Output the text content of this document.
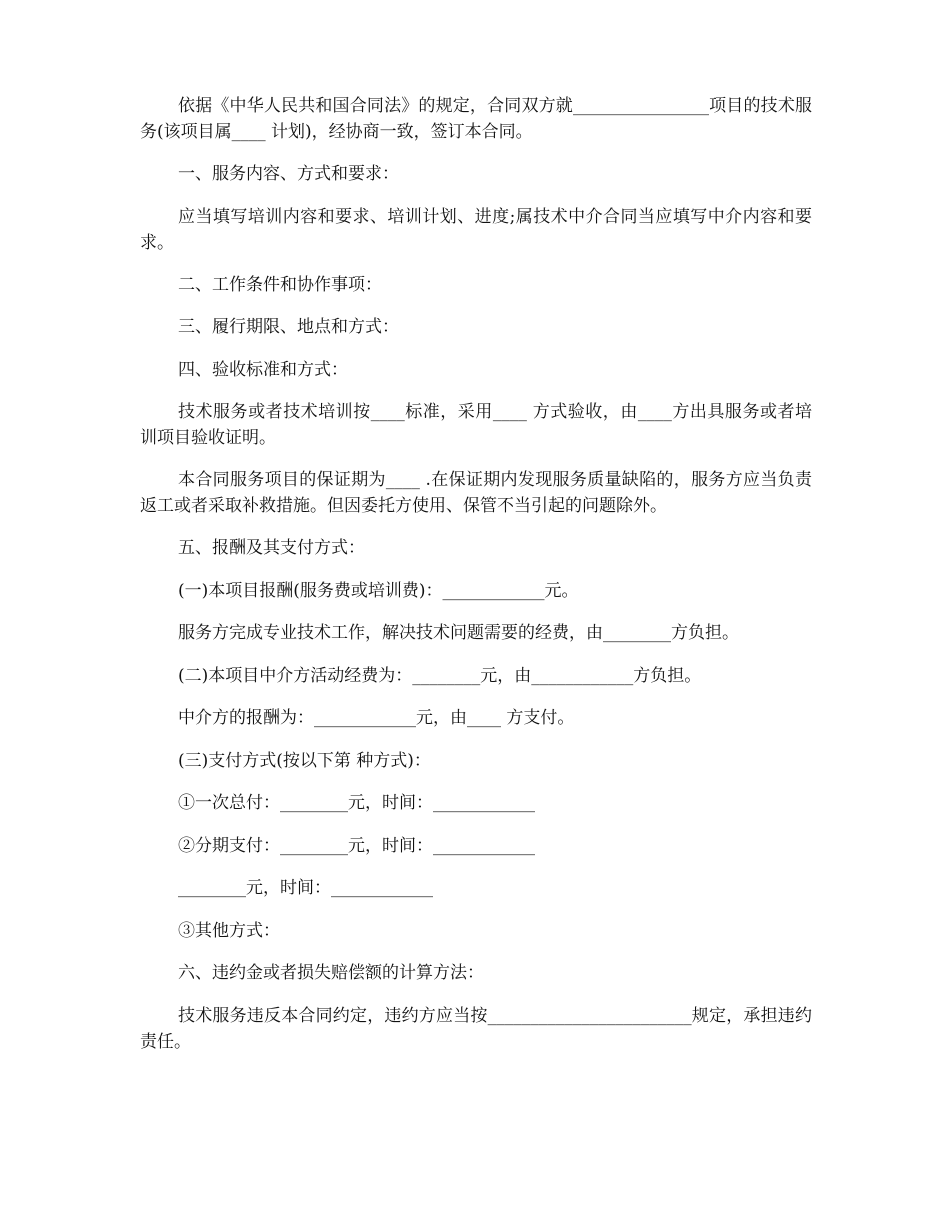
依据《中华人民共和国合同法》的规定，合同双方就________________项目的技术服务(该项目属____ 计划)，经协商一致，签订本合同。

一、服务内容、方式和要求：

应当填写培训内容和要求、培训计划、进度;属技术中介合同当应填写中介内容和要求。

二、工作条件和协作事项：

三、履行期限、地点和方式：

四、验收标准和方式：

技术服务或者技术培训按____标准，采用____ 方式验收，由____方出具服务或者培训项目验收证明。

本合同服务项目的保证期为____ .在保证期内发现服务质量缺陷的，服务方应当负责返工或者采取补救措施。但因委托方使用、保管不当引起的问题除外。

五、报酬及其支付方式：

(一)本项目报酬(服务费或培训费)：____________元。

服务方完成专业技术工作，解决技术问题需要的经费，由________方负担。

(二)本项目中介方活动经费为：________元，由____________方负担。

中介方的报酬为：____________元，由____ 方支付。

(三)支付方式(按以下第 种方式)：

①一次总付：________元，时间：____________

②分期支付：________元，时间：____________

________元，时间：____________

③其他方式：

六、违约金或者损失赔偿额的计算方法：

技术服务违反本合同约定，违约方应当按________________________规定，承担违约责任。
